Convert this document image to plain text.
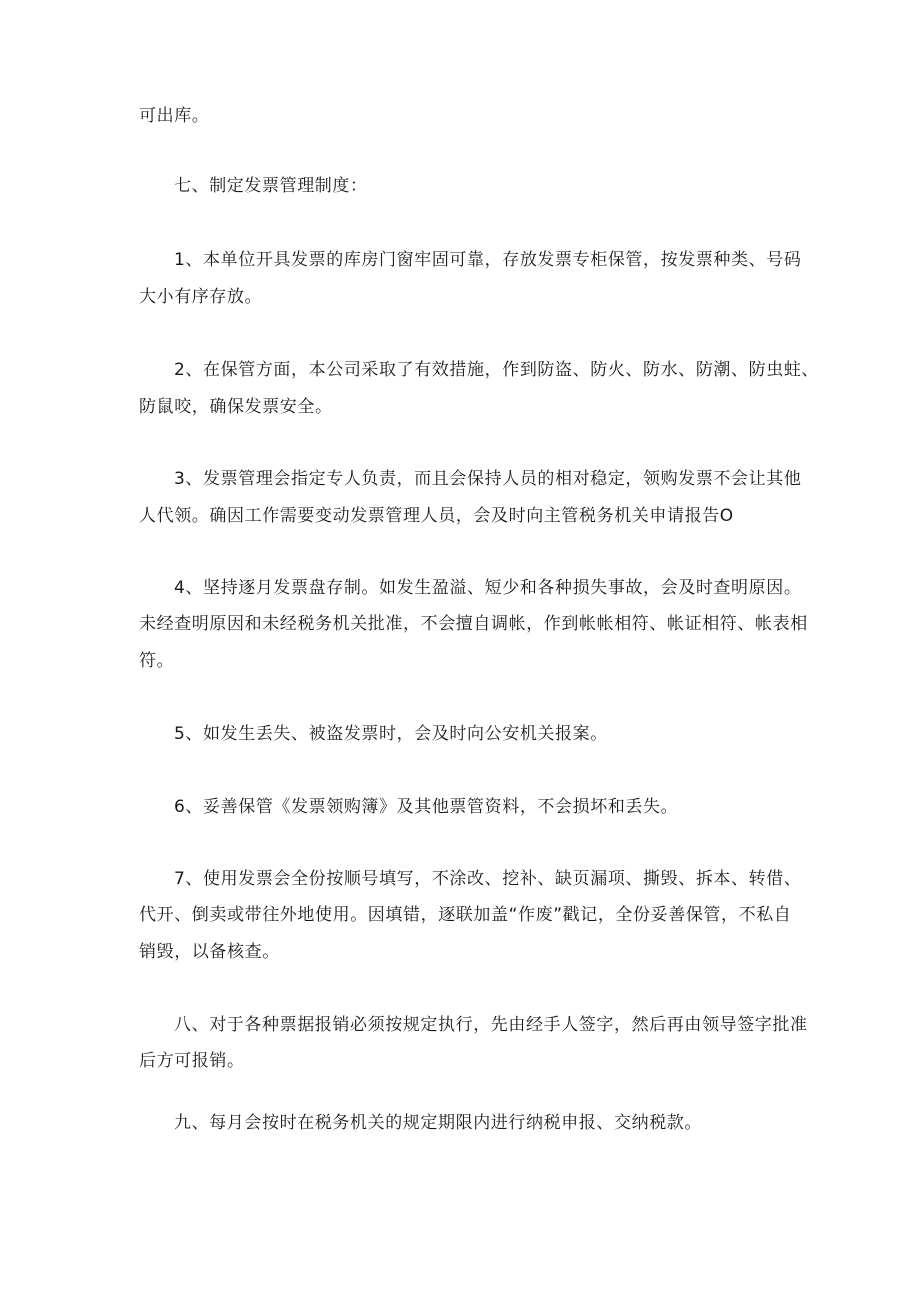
可出库。
七、制定发票管理制度：
1、本单位开具发票的库房门窗牢固可靠，存放发票专柜保管，按发票种类、号码
大小有序存放。
2、在保管方面，本公司采取了有效措施，作到防盗、防火、防水、防潮、防虫蛀、
防鼠咬，确保发票安全。
3、发票管理会指定专人负责，而且会保持人员的相对稳定，领购发票不会让其他
人代领。确因工作需要变动发票管理人员，会及时向主管税务机关申请报告O
4、坚持逐月发票盘存制。如发生盈溢、短少和各种损失事故，会及时查明原因。
未经查明原因和未经税务机关批准，不会擅自调帐，作到帐帐相符、帐证相符、帐表相
符。
5、如发生丢失、被盗发票时，会及时向公安机关报案。
6、妥善保管《发票领购簿》及其他票管资料，不会损坏和丢失。
7、使用发票会全份按顺号填写，不涂改、挖补、缺页漏项、撕毁、拆本、转借、
代开、倒卖或带往外地使用。因填错，逐联加盖“作废”戳记，全份妥善保管，不私自
销毁，以备核查。
八、对于各种票据报销必须按规定执行，先由经手人签字，然后再由领导签字批准
后方可报销。
九、每月会按时在税务机关的规定期限内进行纳税申报、交纳税款。
